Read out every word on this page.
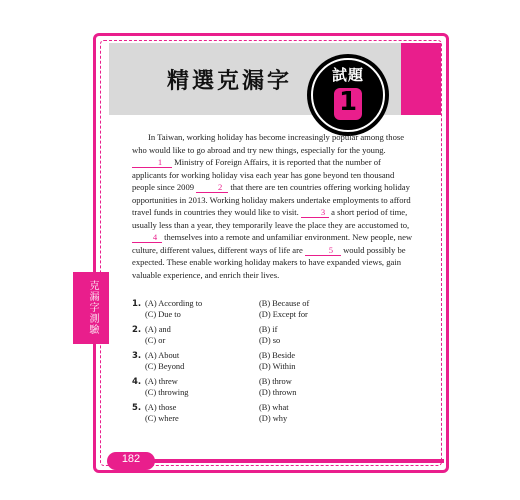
精選克漏字	試題
1

In Taiwan, working holiday has become increasingly popular among those who would like to go abroad and try new things, especially for the young. 1 Ministry of Foreign Affairs, it is reported that the number of applicants for working holiday visa each year has gone beyond ten thousand people since 2009	2 that there are ten countries offering working holiday opportunities in 2013. Working holiday makers undertake employments to afford travel funds in countries they would like to visit. 3 a short period of time, usually less than a year, they temporarily leave the place they are accustomed to, 4 themselves into a remote and unfamiliar environment. New people, new culture, different values, different ways of life are	5 would possibly be expected. These enable working holiday makers to have expanded views, gain valuable experience, and enrich their lives.

克漏字測驗	1. (A) According to	(B) Because of
(C) Due to	(D) Except for
2. (A) and	(B) if
(C) or	(D) so
3. (A) About	(B) Beside
(C) Beyond	(D) Within
4. (A) threw	(B) throw
(C) throwing	(D) thrown
5. (A) those	(B) what
(C) where	(D) why
182
